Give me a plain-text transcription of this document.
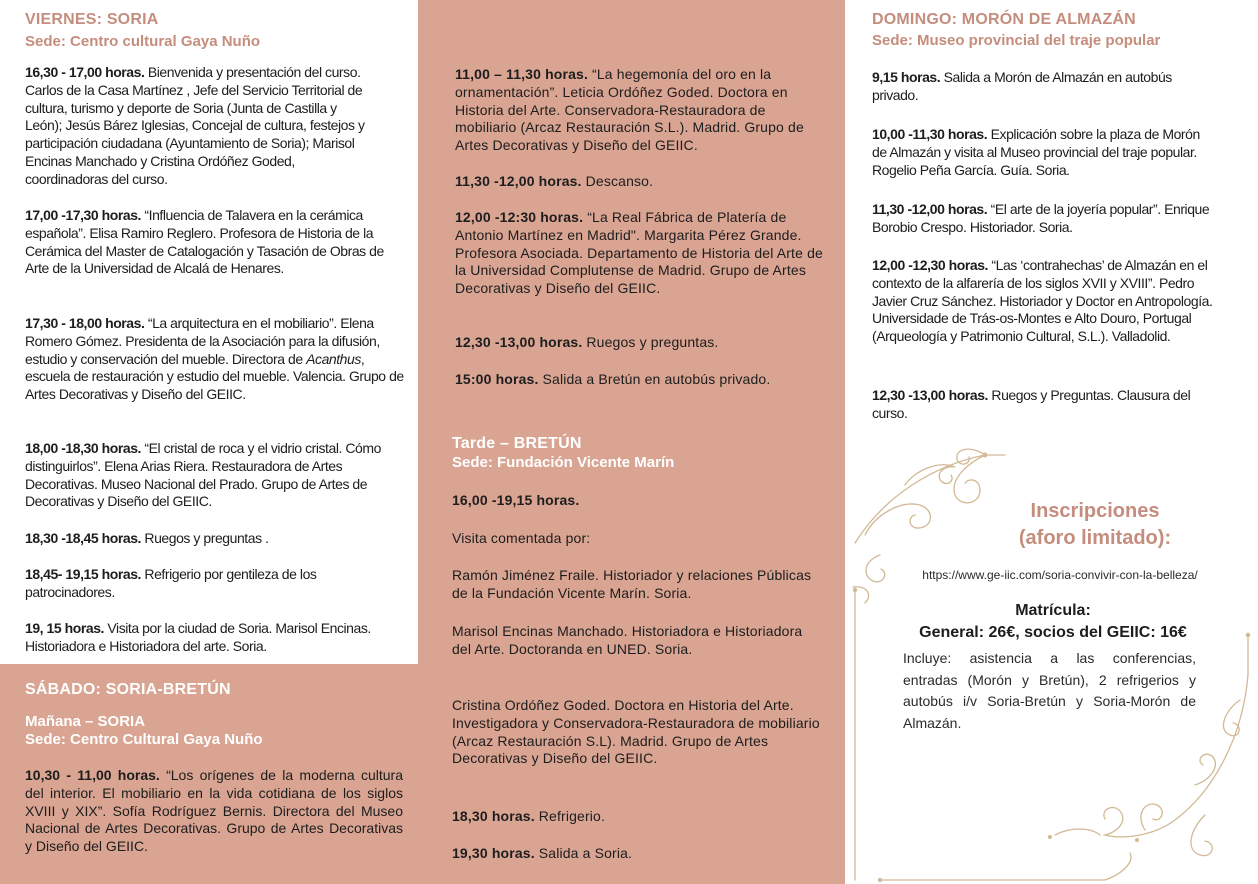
VIERNES: SORIA
Sede: Centro cultural Gaya Nuño
16,30 - 17,00 horas. Bienvenida y presentación del curso. Carlos de la Casa Martínez , Jefe del Servicio Territorial de cultura, turismo y deporte de Soria (Junta de Castilla y León); Jesús Bárez Iglesias, Concejal de cultura, festejos y participación ciudadana (Ayuntamiento de Soria); Marisol Encinas Manchado y Cristina Ordóñez Goded, coordinadoras del curso.
17,00 -17,30 horas. “Influencia de Talavera en la cerámica española”. Elisa Ramiro Reglero. Profesora de Historia de la Cerámica del Master de Catalogación y Tasación de Obras de Arte de la Universidad de Alcalá de Henares.
17,30 - 18,00 horas. “La arquitectura en el mobiliario”. Elena Romero Gómez. Presidenta de la Asociación para la difusión, estudio y conservación del mueble. Directora de Acanthus, escuela de restauración y estudio del mueble. Valencia. Grupo de Artes Decorativas y Diseño del GEIIC.
18,00 -18,30 horas. “El cristal de roca y el vidrio cristal. Cómo distinguirlos”. Elena Arias Riera. Restauradora de Artes Decorativas. Museo Nacional del Prado. Grupo de Artes de Decorativas y Diseño del GEIIC.
18,30 -18,45 horas. Ruegos y preguntas .
18,45- 19,15 horas. Refrigerio por gentileza de los patrocinadores.
19, 15 horas. Visita por la ciudad de Soria. Marisol Encinas. Historiadora e Historiadora del arte. Soria.
SÁBADO: SORIA-BRETÚN
Mañana – SORIA
Sede: Centro Cultural Gaya Nuño
10,30 - 11,00 horas. “Los orígenes de la moderna cultura del interior. El mobiliario en la vida cotidiana de los siglos XVIII y XIX”. Sofía Rodríguez Bernis. Directora del Museo Nacional de Artes Decorativas. Grupo de Artes Decorativas y Diseño del GEIIC.
11,00 – 11,30 horas. “La hegemonía del oro en la ornamentación”. Leticia Ordóñez Goded. Doctora en Historia del Arte. Conservadora-Restauradora de mobiliario (Arcaz Restauración S.L.). Madrid. Grupo de Artes Decorativas y Diseño del GEIIC.
11,30 -12,00 horas. Descanso.
12,00 -12:30 horas. “La Real Fábrica de Platería de Antonio Martínez en Madrid". Margarita Pérez Grande. Profesora Asociada. Departamento de Historia del Arte de la Universidad Complutense de Madrid. Grupo de Artes Decorativas y Diseño del GEIIC.
12,30 -13,00 horas. Ruegos y preguntas.
15:00 horas. Salida a Bretún en autobús privado.
Tarde – BRETÚN
Sede: Fundación Vicente Marín
16,00 -19,15 horas.
Visita comentada por:
Ramón Jiménez Fraile. Historiador y relaciones Públicas de la Fundación Vicente Marín. Soria.
Marisol Encinas Manchado. Historiadora e Historiadora del Arte. Doctoranda en UNED. Soria.
Cristina Ordóñez Goded. Doctora en Historia del Arte. Investigadora y Conservadora-Restauradora de mobiliario (Arcaz Restauración S.L). Madrid. Grupo de Artes Decorativas y Diseño del GEIIC.
18,30 horas. Refrigerio.
19,30 horas. Salida a Soria.
DOMINGO: MORÓN DE ALMAZÁN
Sede: Museo provincial del traje popular
9,15 horas. Salida a Morón de Almazán en autobús privado.
10,00 -11,30 horas. Explicación sobre la plaza de Morón de Almazán y visita al Museo provincial del traje popular. Rogelio Peña García. Guía. Soria.
11,30 -12,00 horas. “El arte de la joyería popular”. Enrique Borobio Crespo. Historiador. Soria.
12,00 -12,30 horas. “Las ‘contrahechas’ de Almazán en el contexto de la alfarería de los siglos XVII y XVIII”. Pedro Javier Cruz Sánchez. Historiador y Doctor en Antropología. Universidade de Trás-os-Montes e Alto Douro, Portugal (Arqueología y Patrimonio Cultural, S.L.). Valladolid.
12,30 -13,00 horas. Ruegos y Preguntas. Clausura del curso.
Inscripciones
(aforo limitado):
https://www.ge-iic.com/soria-convivir-con-la-belleza/
Matrícula:
General: 26€, socios del GEIIC: 16€
Incluye: asistencia a las conferencias, entradas (Morón y Bretún), 2 refrigerios y autobús i/v Soria-Bretún y Soria-Morón de Almazán.
